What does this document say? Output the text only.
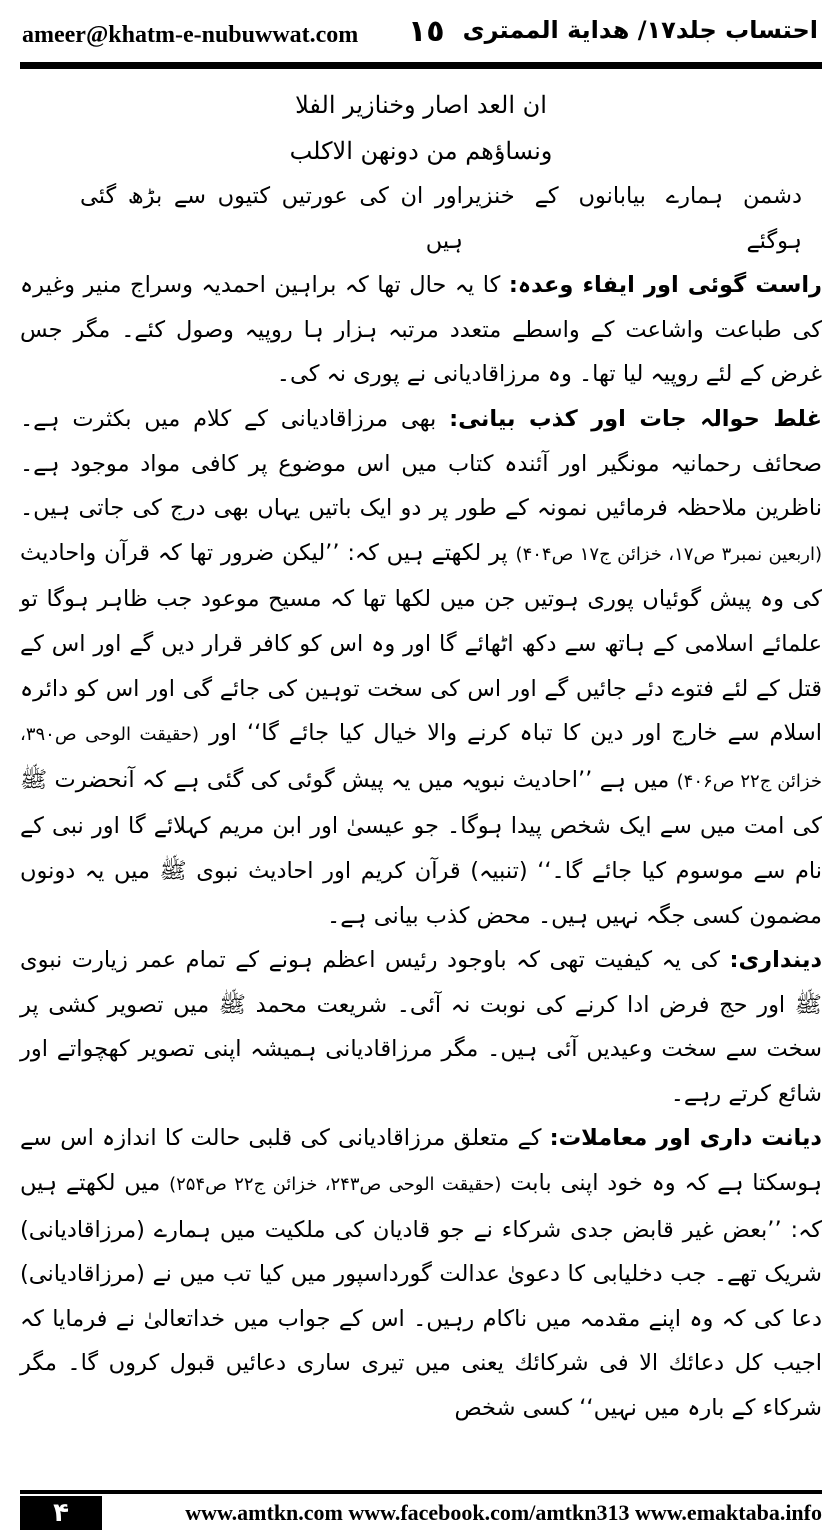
ameer@khatm-e-nubuwwat.com ١٥ احتساب جلد۱۷/ هداية الممترى

ان العد اصار وخنازير الفلا

ونساؤهم من دونهن الاكلب

دشمن ہمارے بیابانوں کے خنزیر ہوگئے
اور ان کی عورتیں کتیوں سے بڑھ گئی ہیں

راست گوئی اور ایفاء وعدہ: کا یہ حال تھا کہ براہین احمدیہ وسراج منیر وغیرہ کی طباعت واشاعت کے واسطے متعدد مرتبہ ہزار ہا روپیہ وصول کئے۔ مگر جس غرض کے لئے روپیہ لیا تھا۔ وہ مرزاقادیانی نے پوری نہ کی۔

غلط حوالہ جات اور کذب بیانی: بھی مرزاقادیانی کے کلام میں بکثرت ہے۔ صحائف رحمانیہ مونگیر اور آئندہ کتاب میں اس موضوع پر کافی مواد موجود ہے۔ ناظرین ملاحظہ فرمائیں نمونہ کے طور پر دو ایک باتیں یہاں بھی درج کی جاتی ہیں۔ (اربعین نمبر۳ ص۱۷، خزائن ج۱۷ ص۴۰۴) پر لکھتے ہیں کہ: ’’لیکن ضرور تھا کہ قرآن واحادیث کی وہ پیش گوئیاں پوری ہوتیں جن میں لکھا تھا کہ مسیح موعود جب ظاہر ہوگا تو علمائے اسلامی کے ہاتھ سے دکھ اٹھائے گا اور وہ اس کو کافر قرار دیں گے اور اس کے قتل کے لئے فتوے دئے جائیں گے اور اس کی سخت توہین کی جائے گی اور اس کو دائرہ اسلام سے خارج اور دین کا تباہ کرنے والا خیال کیا جائے گا‘‘ اور (حقیقت الوحی ص۳۹۰، خزائن ج۲۲ ص۴۰۶) میں ہے ’’احادیث نبویہ میں یہ پیش گوئی کی گئی ہے کہ آنحضرت ﷺ کی امت میں سے ایک شخص پیدا ہوگا۔ جو عیسیٰ اور ابن مریم کہلائے گا اور نبی کے نام سے موسوم کیا جائے گا۔‘‘ (تنبیہ) قرآن کریم اور احادیث نبوی ﷺ میں یہ دونوں مضمون کسی جگہ نہیں ہیں۔ محض کذب بیانی ہے۔

دینداری: کی یہ کیفیت تھی کہ باوجود رئیس اعظم ہونے کے تمام عمر زیارت نبوی ﷺ اور حج فرض ادا کرنے کی نوبت نہ آئی۔ شریعت محمد ﷺ میں تصویر کشی پر سخت سے سخت وعیدیں آئی ہیں۔ مگر مرزاقادیانی ہمیشہ اپنی تصویر کھچواتے اور شائع کرتے رہے۔

دیانت داری اور معاملات: کے متعلق مرزاقادیانی کی قلبی حالت کا اندازہ اس سے ہوسکتا ہے کہ وہ خود اپنی بابت (حقیقت الوحی ص۲۴۳، خزائن ج۲۲ ص۲۵۴) میں لکھتے ہیں کہ: ’’بعض غیر قابض جدی شرکاء نے جو قادیان کی ملکیت میں ہمارے (مرزاقادیانی) شریک تھے۔ جب دخلیابی کا دعویٰ عدالت گورداسپور میں کیا تب میں نے (مرزاقادیانی) دعا کی کہ وہ اپنے مقدمہ میں ناکام رہیں۔ اس کے جواب میں خداتعالیٰ نے فرمایا کہ اجیب کل دعائك الا فی شرکائك یعنی میں تیری ساری دعائیں قبول کروں گا۔ مگر شرکاء کے بارہ میں نہیں‘‘ کسی شخص

۴	www.amtkn.com www.facebook.com/amtkn313 www.emaktaba.info
